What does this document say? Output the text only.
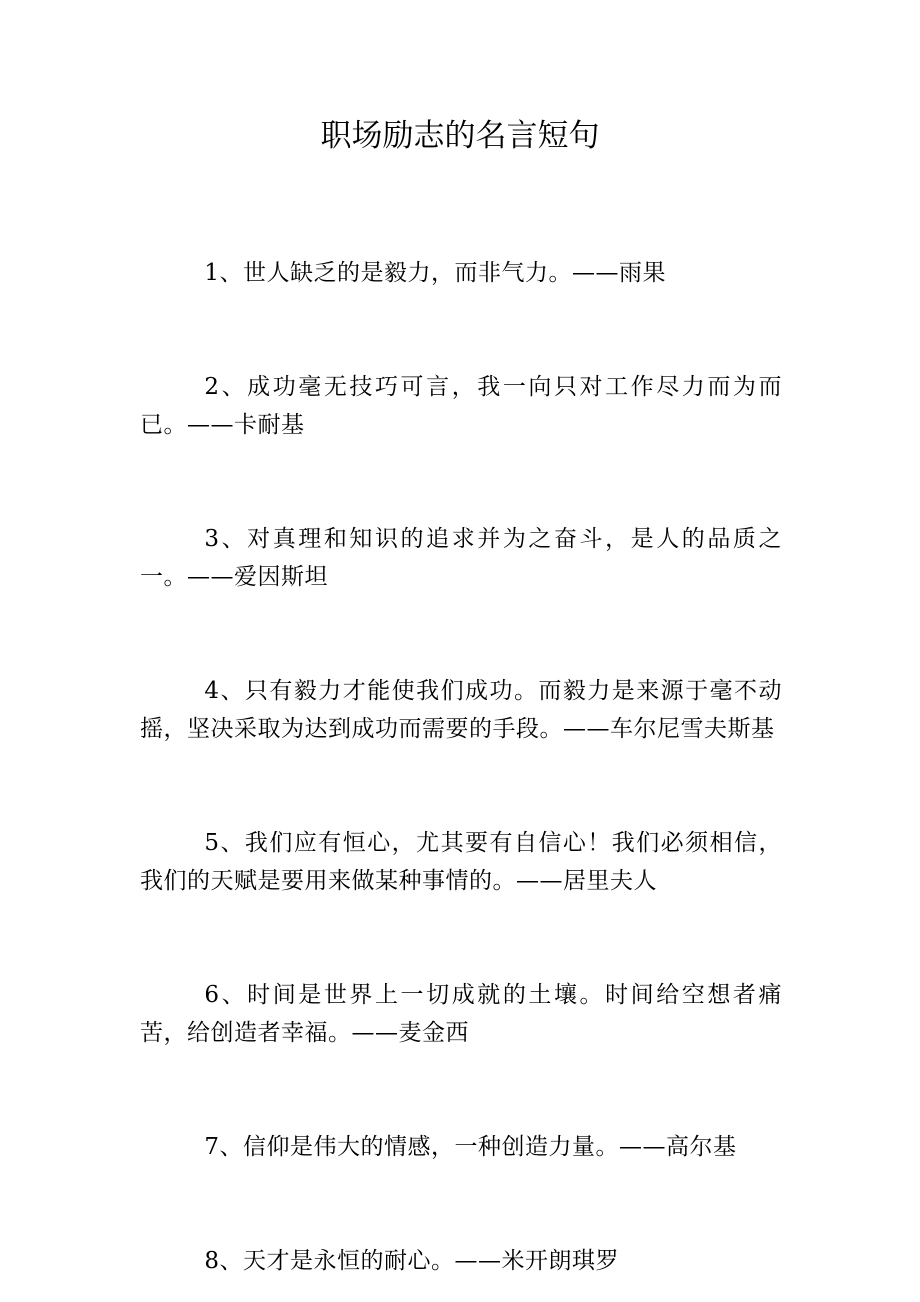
职场励志的名言短句
1、世人缺乏的是毅力，而非气力。——雨果
2、成功毫无技巧可言，我一向只对工作尽力而为而已。——卡耐基
3、对真理和知识的追求并为之奋斗，是人的品质之一。——爱因斯坦
4、只有毅力才能使我们成功。而毅力是来源于毫不动摇，坚决采取为达到成功而需要的手段。——车尔尼雪夫斯基
5、我们应有恒心，尤其要有自信心！我们必须相信，我们的天赋是要用来做某种事情的。——居里夫人
6、时间是世界上一切成就的土壤。时间给空想者痛苦，给创造者幸福。——麦金西
7、信仰是伟大的情感，一种创造力量。——高尔基
8、天才是永恒的耐心。——米开朗琪罗
